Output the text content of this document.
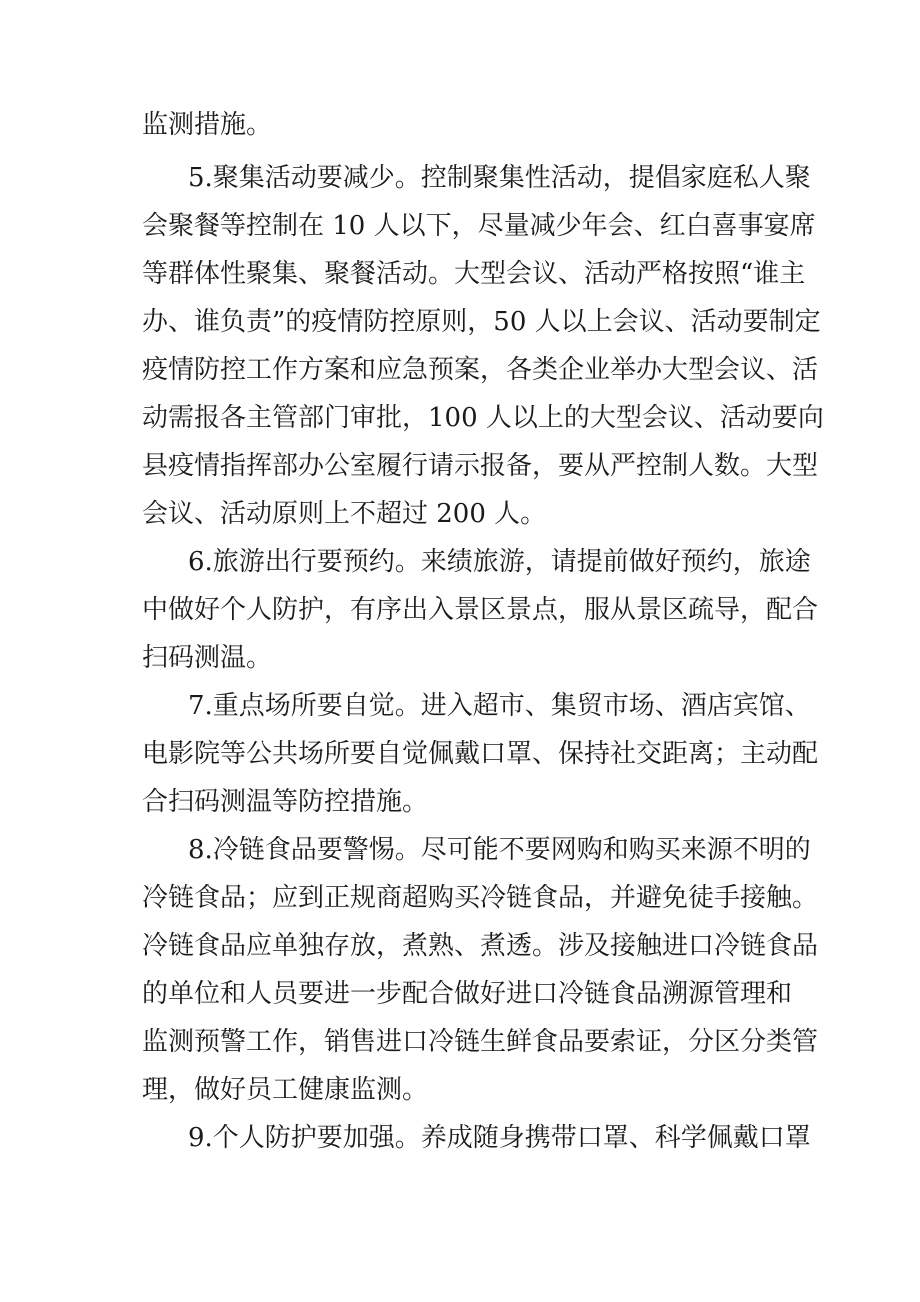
监测措施。

5.聚集活动要减少。控制聚集性活动，提倡家庭私人聚

会聚餐等控制在 10 人以下，尽量减少年会、红白喜事宴席

等群体性聚集、聚餐活动。大型会议、活动严格按照“谁主

办、谁负责”的疫情防控原则，50 人以上会议、活动要制定

疫情防控工作方案和应急预案，各类企业举办大型会议、活

动需报各主管部门审批，100 人以上的大型会议、活动要向

县疫情指挥部办公室履行请示报备，要从严控制人数。大型

会议、活动原则上不超过 200 人。

6.旅游出行要预约。来绩旅游，请提前做好预约，旅途

中做好个人防护，有序出入景区景点，服从景区疏导，配合

扫码测温。

7.重点场所要自觉。进入超市、集贸市场、酒店宾馆、

电影院等公共场所要自觉佩戴口罩、保持社交距离；主动配

合扫码测温等防控措施。

8.冷链食品要警惕。尽可能不要网购和购买来源不明的

冷链食品；应到正规商超购买冷链食品，并避免徒手接触。

冷链食品应单独存放，煮熟、煮透。涉及接触进口冷链食品

的单位和人员要进一步配合做好进口冷链食品溯源管理和

监测预警工作，销售进口冷链生鲜食品要索证，分区分类管

理，做好员工健康监测。

9.个人防护要加强。养成随身携带口罩、科学佩戴口罩
